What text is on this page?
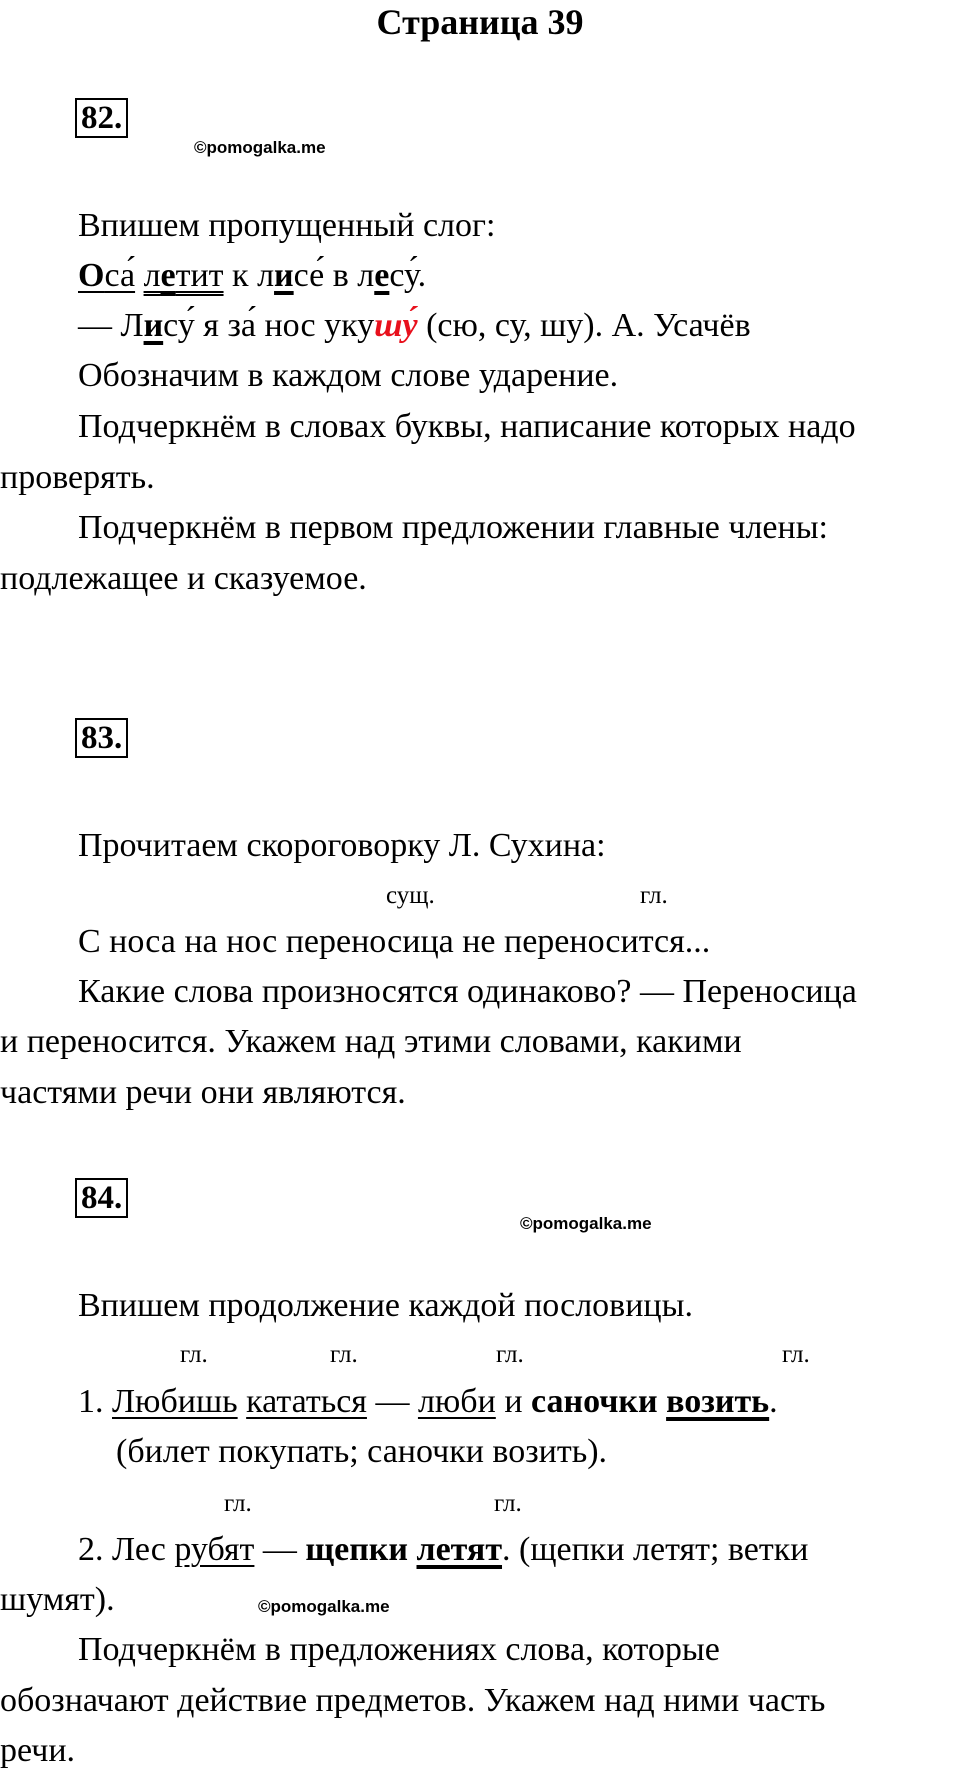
Страница 39
82.
©pomogalka.me
Впишем пропущенный слог:
Оса́ летит к лисе́ в лесу́.
— Лису́ я за́ нос укушу́ (сю, су, шу). А. Усачёв
Обозначим в каждом слове ударение.
Подчеркнём в словах буквы, написание которых надо
проверять.
Подчеркнём в первом предложении главные члены:
подлежащее и сказуемое.
83.
Прочитаем скороговорку Л. Сухина:
сущ.	гл.
С носа на нос переносица не переносится...
Какие слова произносятся одинаково? — Переносица
и переносится. Укажем над этими словами, какими
частями речи они являются.
84.
©pomogalka.me
Впишем продолжение каждой пословицы.
гл.	гл.	гл.	гл.
1. Любишь кататься — люби и саночки возить.
(билет покупать; саночки возить).
гл.	гл.
2. Лес рубят — щепки летят. (щепки летят; ветки
шумят).	©pomogalka.me
Подчеркнём в предложениях слова, которые
обозначают действие предметов. Укажем над ними часть
речи.
